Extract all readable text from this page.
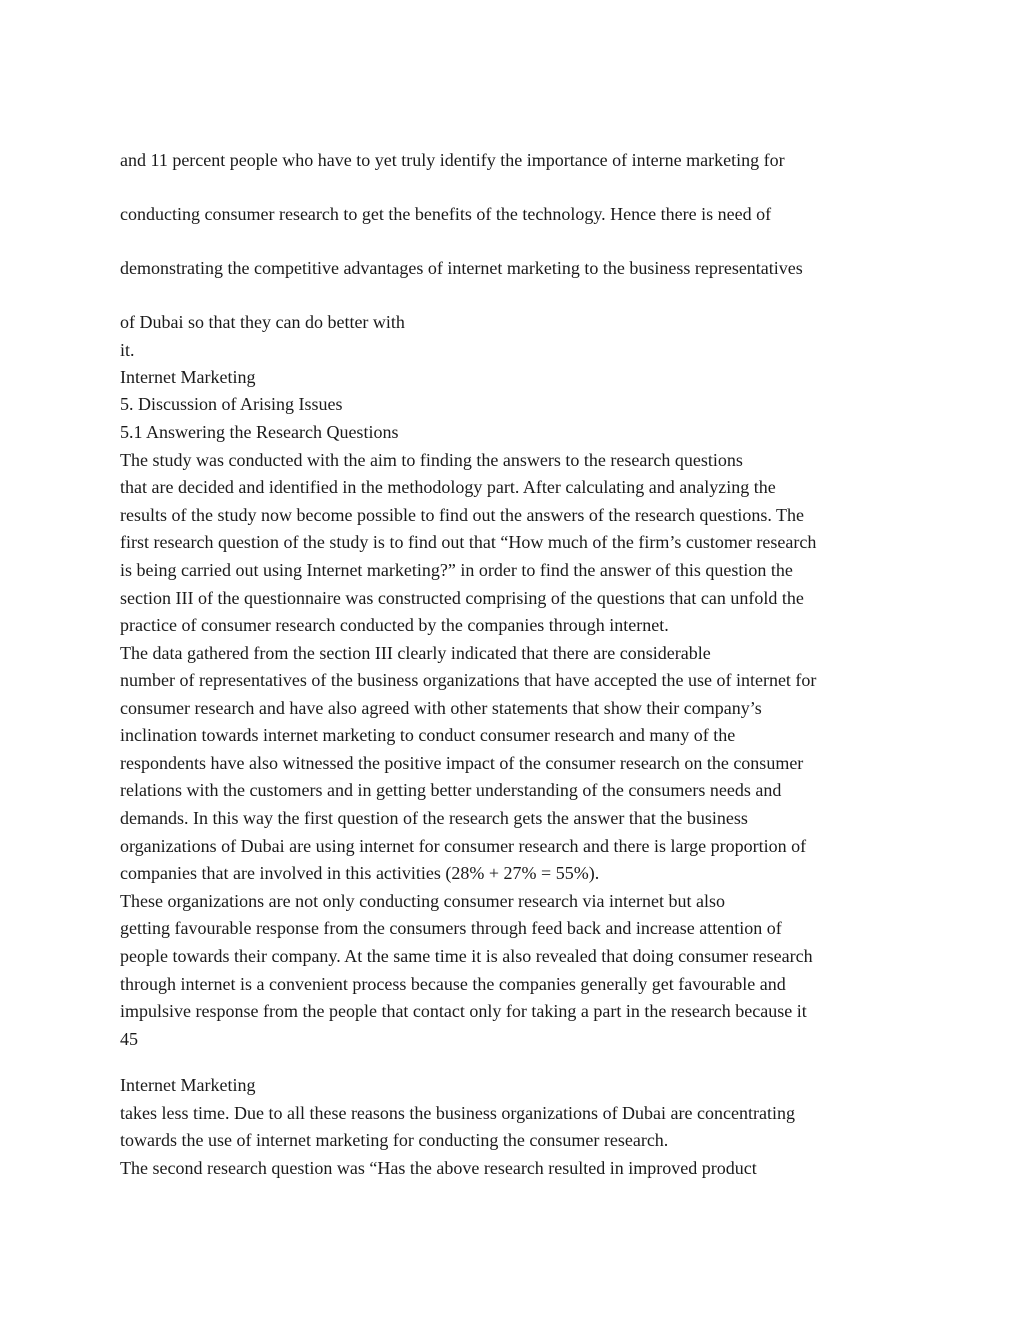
and 11 percent people who have to yet truly identify the importance of interne marketing for
conducting consumer research to get the benefits of the technology. Hence there is need of
demonstrating the competitive advantages of internet marketing to the business representatives
of Dubai so that they can do better with
it.
Internet Marketing
5. Discussion of Arising Issues
5.1 Answering the Research Questions
The study was conducted with the aim to finding the answers to the research questions
that are decided and identified in the methodology part. After calculating and analyzing the
results of the study now become possible to find out the answers of the research questions. The
first research question of the study is to find out that “How much of the firm’s customer research
is being carried out using Internet marketing?” in order to find the answer of this question the
section III of the questionnaire was constructed comprising of the questions that can unfold the
practice of consumer research conducted by the companies through internet.
The data gathered from the section III clearly indicated that there are considerable
number of representatives of the business organizations that have accepted the use of internet for
consumer research and have also agreed with other statements that show their company’s
inclination towards internet marketing to conduct consumer research and many of the
respondents have also witnessed the positive impact of the consumer research on the consumer
relations with the customers and in getting better understanding of the consumers needs and
demands. In this way the first question of the research gets the answer that the business
organizations of Dubai are using internet for consumer research and there is large proportion of
companies that are involved in this activities (28% + 27% = 55%).
These organizations are not only conducting consumer research via internet but also
getting favourable response from the consumers through feed back and increase attention of
people towards their company. At the same time it is also revealed that doing consumer research
through internet is a convenient process because the companies generally get favourable and
impulsive response from the people that contact only for taking a part in the research because it
45
Internet Marketing
takes less time. Due to all these reasons the business organizations of Dubai are concentrating
towards the use of internet marketing for conducting the consumer research.
The second research question was “Has the above research resulted in improved product
